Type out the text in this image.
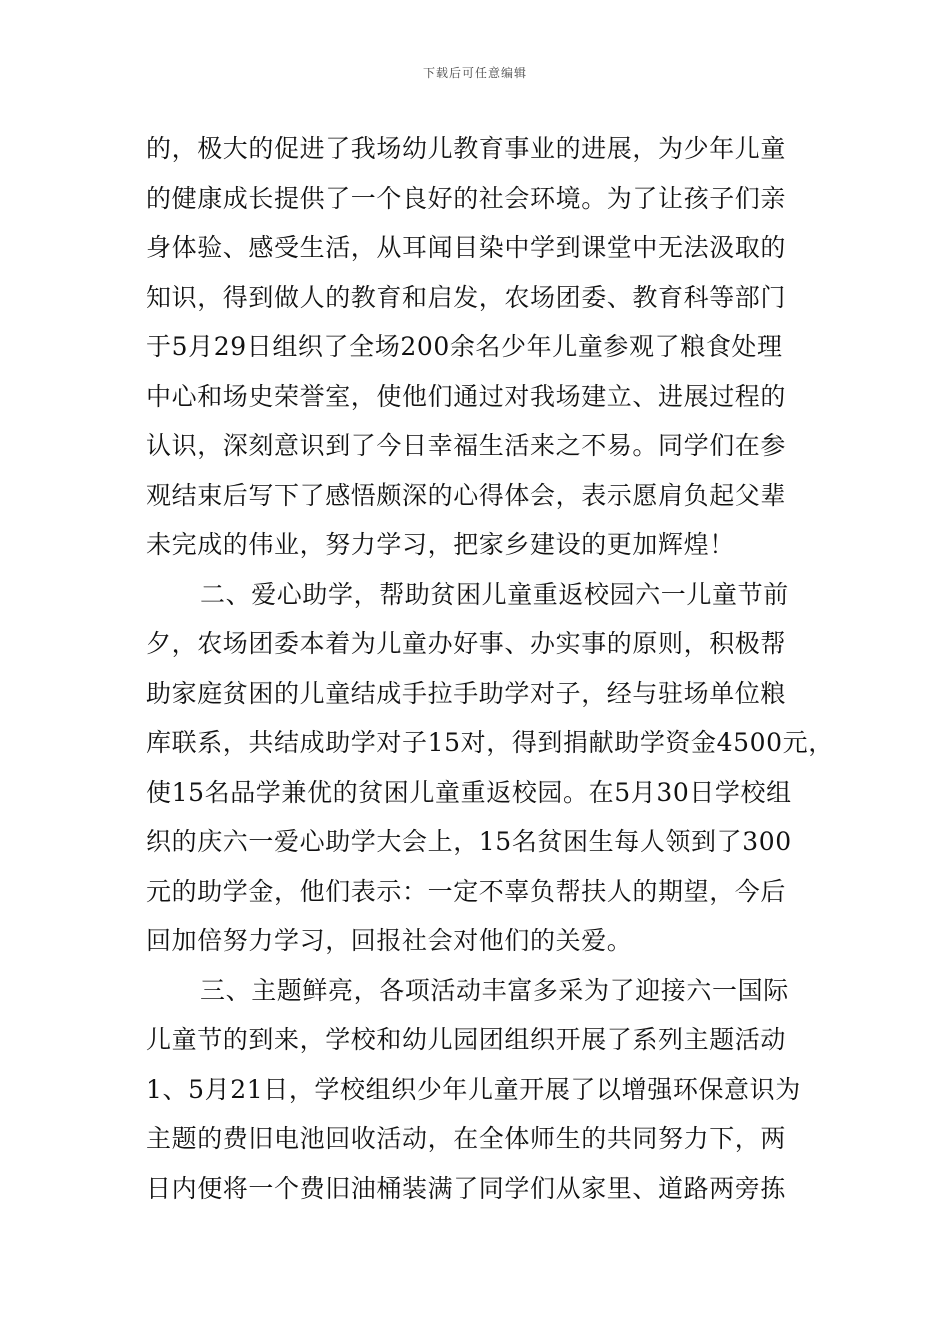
下载后可任意编辑
的，极大的促进了我场幼儿教育事业的进展，为少年儿童
的健康成长提供了一个良好的社会环境。为了让孩子们亲
身体验、感受生活，从耳闻目染中学到课堂中无法汲取的
知识，得到做人的教育和启发，农场团委、教育科等部门
于5月29日组织了全场200余名少年儿童参观了粮食处理
中心和场史荣誉室，使他们通过对我场建立、进展过程的
认识，深刻意识到了今日幸福生活来之不易。同学们在参
观结束后写下了感悟颇深的心得体会，表示愿肩负起父辈
未完成的伟业，努力学习，把家乡建设的更加辉煌！
二、爱心助学，帮助贫困儿童重返校园六一儿童节前
夕，农场团委本着为儿童办好事、办实事的原则，积极帮
助家庭贫困的儿童结成手拉手助学对子，经与驻场单位粮
库联系，共结成助学对子15对，得到捐献助学资金4500元，
使15名品学兼优的贫困儿童重返校园。在5月30日学校组
织的庆六一爱心助学大会上，15名贫困生每人领到了300
元的助学金，他们表示：一定不辜负帮扶人的期望，今后
回加倍努力学习，回报社会对他们的关爱。
三、主题鲜亮，各项活动丰富多采为了迎接六一国际
儿童节的到来，学校和幼儿园团组织开展了系列主题活动
1、5月21日，学校组织少年儿童开展了以增强环保意识为
主题的费旧电池回收活动，在全体师生的共同努力下，两
日内便将一个费旧油桶装满了同学们从家里、道路两旁拣
